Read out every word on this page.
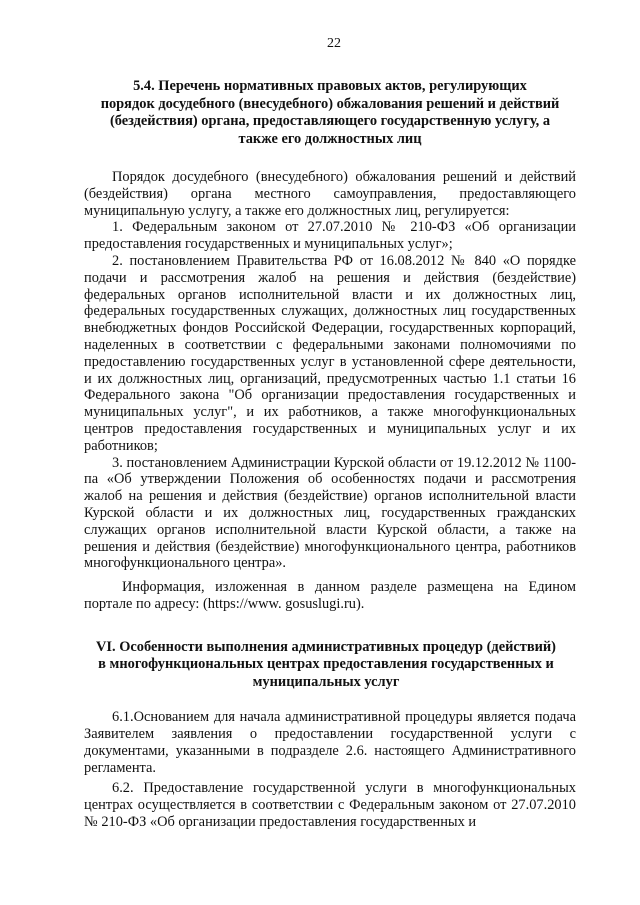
22
5.4. Перечень нормативных правовых актов, регулирующих
порядок досудебного (внесудебного) обжалования решений и действий
(бездействия) органа, предоставляющего государственную услугу, а
также его должностных лиц

Порядок досудебного (внесудебного) обжалования решений и действий (бездействия) органа местного самоуправления, предоставляющего муниципальную услугу, а также его должностных лиц, регулируется:

1. Федеральным законом от 27.07.2010 № 210-ФЗ «Об организации предоставления государственных и муниципальных услуг»;

2. постановлением Правительства РФ от 16.08.2012 № 840 «О порядке подачи и рассмотрения жалоб на решения и действия (бездействие) федеральных органов исполнительной власти и их должностных лиц, федеральных государственных служащих, должностных лиц государственных внебюджетных фондов Российской Федерации, государственных корпораций, наделенных в соответствии с федеральными законами полномочиями по предоставлению государственных услуг в установленной сфере деятельности, и их должностных лиц, организаций, предусмотренных частью 1.1 статьи 16 Федерального закона "Об организации предоставления государственных и муниципальных услуг", и их работников, а также многофункциональных центров предоставления государственных и муниципальных услуг и их работников;

3. постановлением Администрации Курской области от 19.12.2012 № 1100-па «Об утверждении Положения об особенностях подачи и рассмотрения жалоб на решения и действия (бездействие) органов исполнительной власти Курской области и их должностных лиц, государственных гражданских служащих органов исполнительной власти Курской области, а также на решения и действия (бездействие) многофункционального центра, работников многофункционального центра».

Информация, изложенная в данном разделе размещена на Едином портале по адресу: (https://www. gosuslugi.ru).

VI. Особенности выполнения административных процедур (действий)
в многофункциональных центрах предоставления государственных и
муниципальных услуг

6.1.Основанием для начала административной процедуры является подача Заявителем заявления о предоставлении государственной услуги с документами, указанными в подразделе 2.6. настоящего Административного регламента.

6.2. Предоставление государственной услуги в многофункциональных центрах осуществляется в соответствии с Федеральным законом от 27.07.2010 № 210-ФЗ «Об организации предоставления государственных и
